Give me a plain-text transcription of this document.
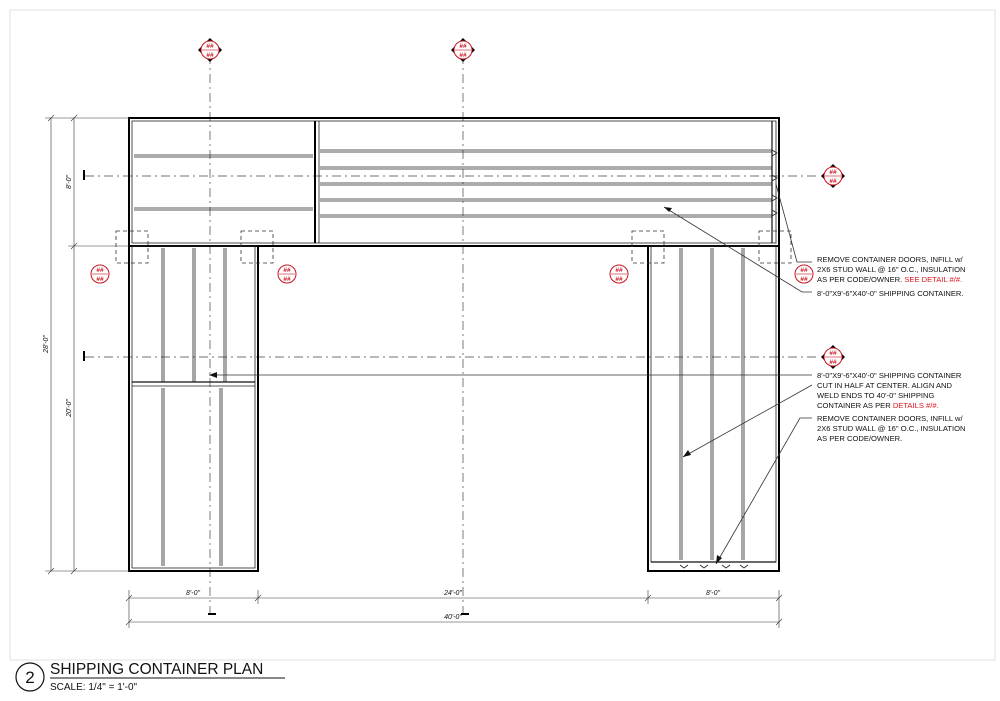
8'-0"	24'-0"	8'-0"
40'-0"
8'-0"
20'-0"
28'-0"
##
##
##
##
##
##
##
##
##
##
##
##
##
##
##
##
REMOVE CONTAINER DOORS, INFILL w/
2X6 STUD WALL @ 16" O.C., INSULATION
AS PER CODE/OWNER. SEE DETAIL #/#.
8'-0"X9'-6"X40'-0" SHIPPING CONTAINER.
8'-0"X9'-6"X40'-0" SHIPPING CONTAINER
CUT IN HALF AT CENTER. ALIGN AND
WELD ENDS TO 40'-0" SHIPPING
CONTAINER AS PER DETAILS #/#.
REMOVE CONTAINER DOORS, INFILL w/
2X6 STUD WALL @ 16" O.C., INSULATION
AS PER CODE/OWNER.
2 SHIPPING CONTAINER PLAN
SCALE: 1/4" = 1'-0"
